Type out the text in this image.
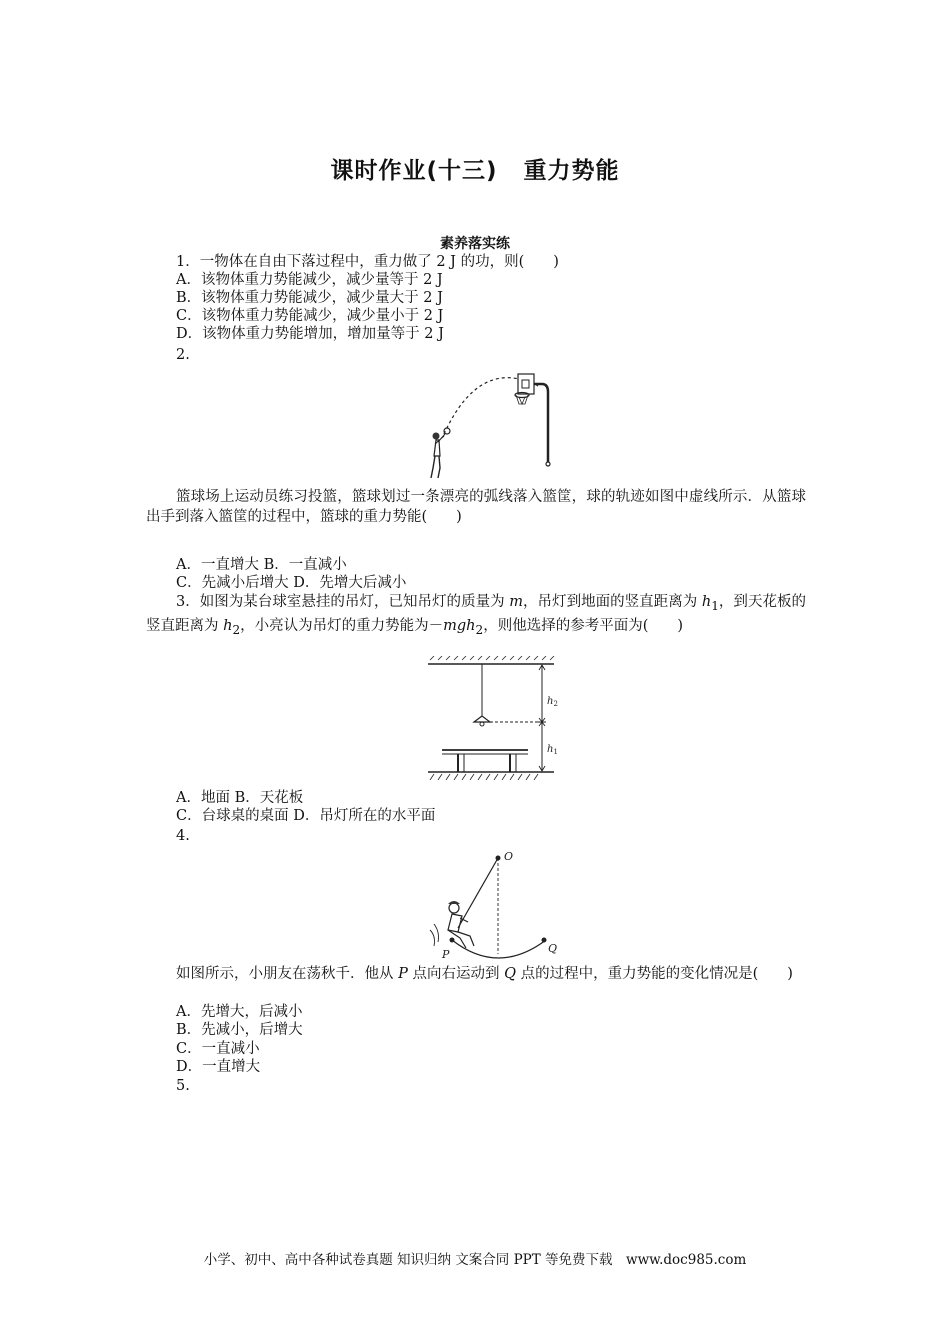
课时作业(十三) 重力势能
素养落实练
1．一物体在自由下落过程中，重力做了 2 J 的功，则(　　)
A．该物体重力势能减少，减少量等于 2 J
B．该物体重力势能减少，减少量大于 2 J
C．该物体重力势能减少，减少量小于 2 J
D．该物体重力势能增加，增加量等于 2 J
2.
篮球场上运动员练习投篮，篮球划过一条漂亮的弧线落入篮筐，球的轨迹如图中虚线所示．从篮球出手到落入篮筐的过程中，篮球的重力势能(　　)
A．一直增大 B．一直减小
C．先减小后增大 D．先增大后减小
3．如图为某台球室悬挂的吊灯，已知吊灯的质量为 m，吊灯到地面的竖直距离为 $h_1$，到天花板的竖直距离为 $h_2$，小亮认为吊灯的重力势能为－mgh$_2$，则他选择的参考平面为(　　)
$h_2$
$h_1$
A．地面 B．天花板
C．台球桌的桌面 D．吊灯所在的水平面
4.
O
Q
P
如图所示，小朋友在荡秋千．他从 P 点向右运动到 Q 点的过程中，重力势能的变化情况是(　　)
A．先增大，后减小
B．先减小，后增大
C．一直减小
D．一直增大
5.
小学、初中、高中各种试卷真题 知识归纳 文案合同 PPT 等免费下载　www.doc985.com
